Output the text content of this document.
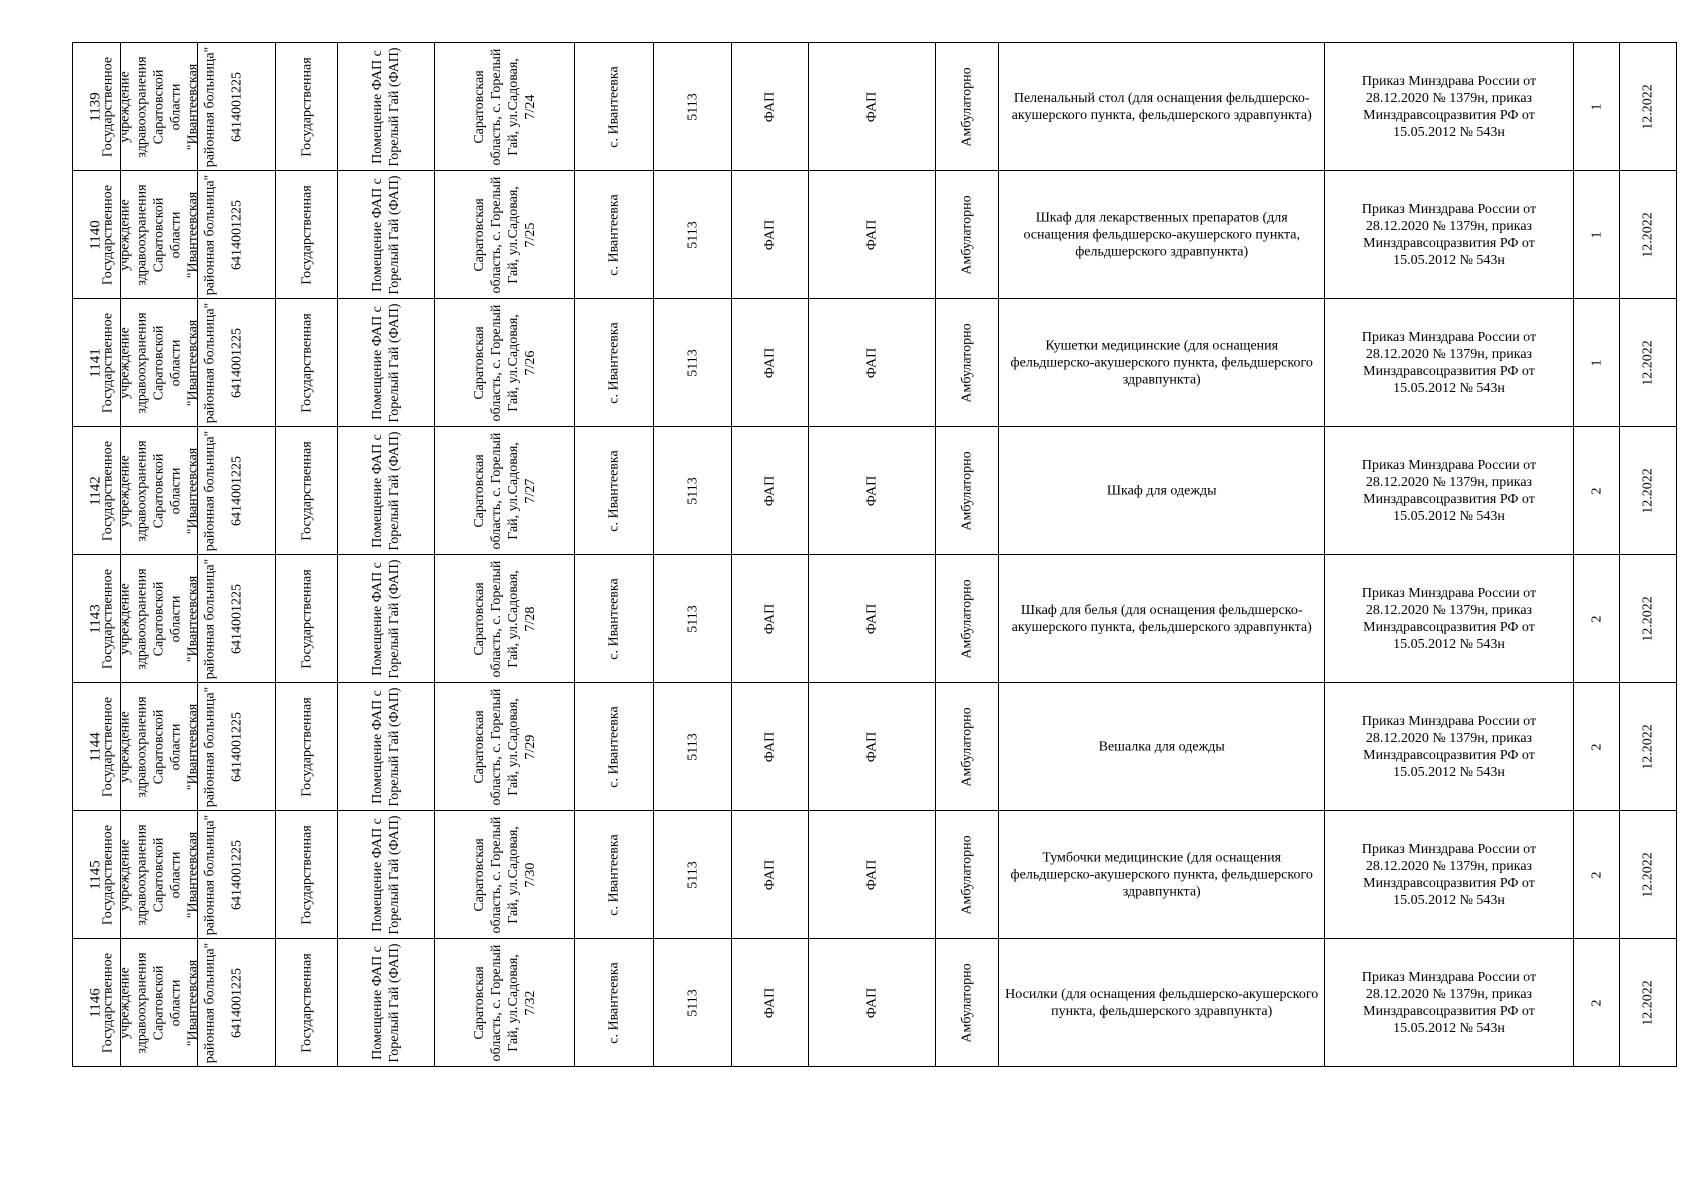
1139	Государственное учреждение здравоохранения Саратовской области "Ивантеевская районная больница"	6414001225	Государственная	Помещение ФАП с Горелый Гай (ФАП)	Саратовская область, с. Горелый Гай, ул.Садовая, 7/24	с. Ивантеевка	5113	ФАП	ФАП	Амбулаторно	Пеленальный стол (для оснащения фельдшерско-акушерского пункта, фельдшерского здравпункта)	Приказ Минздрава России от 28.12.2020 № 1379н, приказ Минздравсоцразвития РФ от 15.05.2012 № 543н	1	12.2022

1140	Государственное учреждение здравоохранения Саратовской области "Ивантеевская районная больница"	6414001225	Государственная	Помещение ФАП с Горелый Гай (ФАП)	Саратовская область, с. Горелый Гай, ул.Садовая, 7/25	с. Ивантеевка	5113	ФАП	ФАП	Амбулаторно	Шкаф для лекарственных препаратов (для оснащения фельдшерско-акушерского пункта, фельдшерского здравпункта)	Приказ Минздрава России от 28.12.2020 № 1379н, приказ Минздравсоцразвития РФ от 15.05.2012 № 543н	1	12.2022

1141	Государственное учреждение здравоохранения Саратовской области "Ивантеевская районная больница"	6414001225	Государственная	Помещение ФАП с Горелый Гай (ФАП)	Саратовская область, с. Горелый Гай, ул.Садовая, 7/26	с. Ивантеевка	5113	ФАП	ФАП	Амбулаторно	Кушетки медицинские (для оснащения фельдшерско-акушерского пункта, фельдшерского здравпункта)	Приказ Минздрава России от 28.12.2020 № 1379н, приказ Минздравсоцразвития РФ от 15.05.2012 № 543н	1	12.2022

1142	Государственное учреждение здравоохранения Саратовской области "Ивантеевская районная больница"	6414001225	Государственная	Помещение ФАП с Горелый Гай (ФАП)	Саратовская область, с. Горелый Гай, ул.Садовая, 7/27	с. Ивантеевка	5113	ФАП	ФАП	Амбулаторно	Шкаф для одежды	Приказ Минздрава России от 28.12.2020 № 1379н, приказ Минздравсоцразвития РФ от 15.05.2012 № 543н	2	12.2022

1143	Государственное учреждение здравоохранения Саратовской области "Ивантеевская районная больница"	6414001225	Государственная	Помещение ФАП с Горелый Гай (ФАП)	Саратовская область, с. Горелый Гай, ул.Садовая, 7/28	с. Ивантеевка	5113	ФАП	ФАП	Амбулаторно	Шкаф для белья (для оснащения фельдшерско-акушерского пункта, фельдшерского здравпункта)	Приказ Минздрава России от 28.12.2020 № 1379н, приказ Минздравсоцразвития РФ от 15.05.2012 № 543н	2	12.2022

1144	Государственное учреждение здравоохранения Саратовской области "Ивантеевская районная больница"	6414001225	Государственная	Помещение ФАП с Горелый Гай (ФАП)	Саратовская область, с. Горелый Гай, ул.Садовая, 7/29	с. Ивантеевка	5113	ФАП	ФАП	Амбулаторно	Вешалка для одежды	Приказ Минздрава России от 28.12.2020 № 1379н, приказ Минздравсоцразвития РФ от 15.05.2012 № 543н	2	12.2022

1145	Государственное учреждение здравоохранения Саратовской области "Ивантеевская районная больница"	6414001225	Государственная	Помещение ФАП с Горелый Гай (ФАП)	Саратовская область, с. Горелый Гай, ул.Садовая, 7/30	с. Ивантеевка	5113	ФАП	ФАП	Амбулаторно	Тумбочки медицинские (для оснащения фельдшерско-акушерского пункта, фельдшерского здравпункта)	Приказ Минздрава России от 28.12.2020 № 1379н, приказ Минздравсоцразвития РФ от 15.05.2012 № 543н	2	12.2022

1146	Государственное учреждение здравоохранения Саратовской области "Ивантеевская районная больница"	6414001225	Государственная	Помещение ФАП с Горелый Гай (ФАП)	Саратовская область, с. Горелый Гай, ул.Садовая, 7/32	с. Ивантеевка	5113	ФАП	ФАП	Амбулаторно	Носилки (для оснащения фельдшерско-акушерского пункта, фельдшерского здравпункта)	Приказ Минздрава России от 28.12.2020 № 1379н, приказ Минздравсоцразвития РФ от 15.05.2012 № 543н	2	12.2022
